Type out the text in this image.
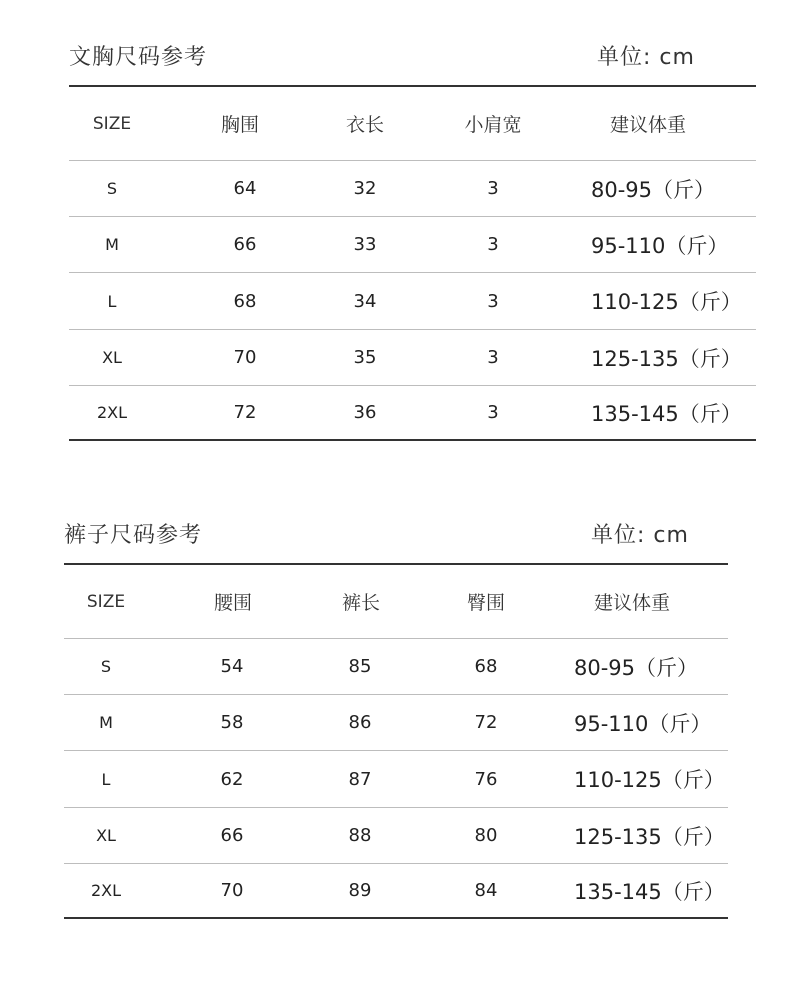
文胸尺码参考	单位: cm
SIZE	胸围	衣长	小肩宽	建议体重
S	64	32	3	80-95（斤）
M	66	33	3	95-110（斤）
L	68	34	3	110-125（斤）
XL	70	35	3	125-135（斤）
2XL	72	36	3	135-145（斤）
裤子尺码参考	单位: cm
SIZE	腰围	裤长	臀围	建议体重
S	54	85	68	80-95（斤）
M	58	86	72	95-110（斤）
L	62	87	76	110-125（斤）
XL	66	88	80	125-135（斤）
2XL	70	89	84	135-145（斤）
